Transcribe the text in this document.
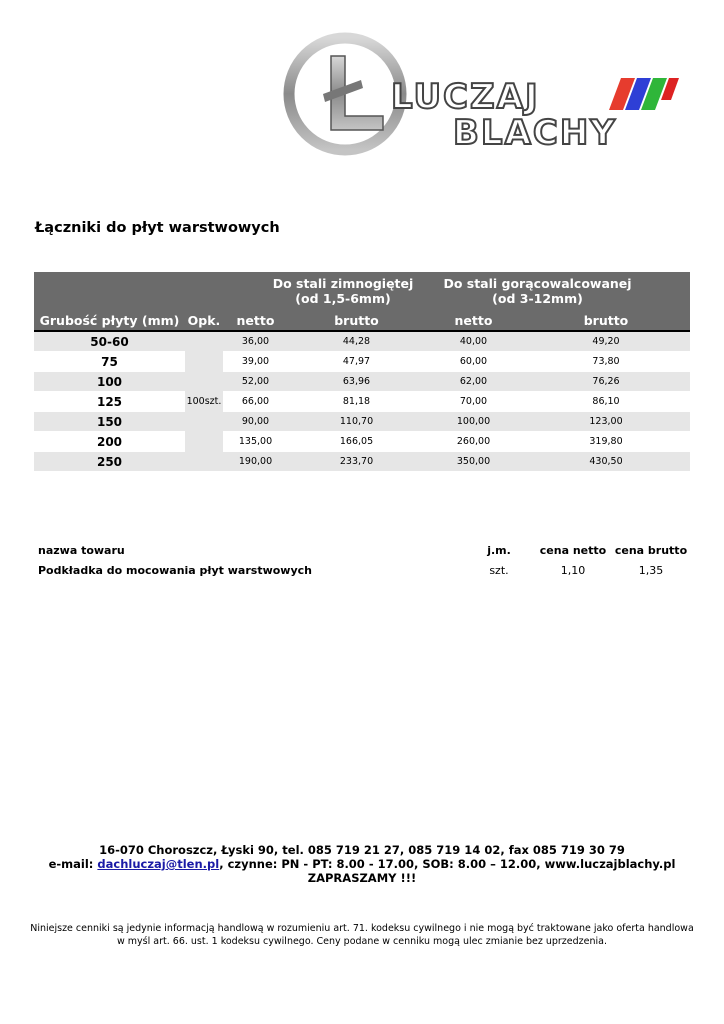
LUCZAJ
BLACHY
Łączniki do płyt warstwowych

			Do stali zimnogiętej
(od 1,5-6mm)	Do stali gorącowalcowanej
(od 3-12mm)	

Grubość płyty (mm)	Opk.	netto	brutto	netto	brutto
50-60	100szt.	36,00	44,28	40,00	49,20
75		39,00	47,97	60,00	73,80
100		52,00	63,96	62,00	76,26
125		66,00	81,18	70,00	86,10
150		90,00	110,70	100,00	123,00
200		135,00	166,05	260,00	319,80
250		190,00	233,70	350,00	430,50
nazwa towaru	j.m.	cena netto	cena brutto
Podkładka do mocowania płyt warstwowych	szt.	1,10	1,35
16-070 Choroszcz, Łyski 90, tel. 085 719 21 27, 085 719 14 02, fax 085 719 30 79
e-mail: dachluczaj@tlen.pl, czynne: PN - PT: 8.00 - 17.00, SOB: 8.00 – 12.00, www.luczajblachy.pl
ZAPRASZAMY !!!
Niniejsze cenniki są jedynie informacją handlową w rozumieniu art. 71. kodeksu cywilnego i nie mogą być traktowane jako oferta handlowa w myśl art. 66. ust. 1 kodeksu cywilnego. Ceny podane w cenniku mogą ulec zmianie bez uprzedzenia.
